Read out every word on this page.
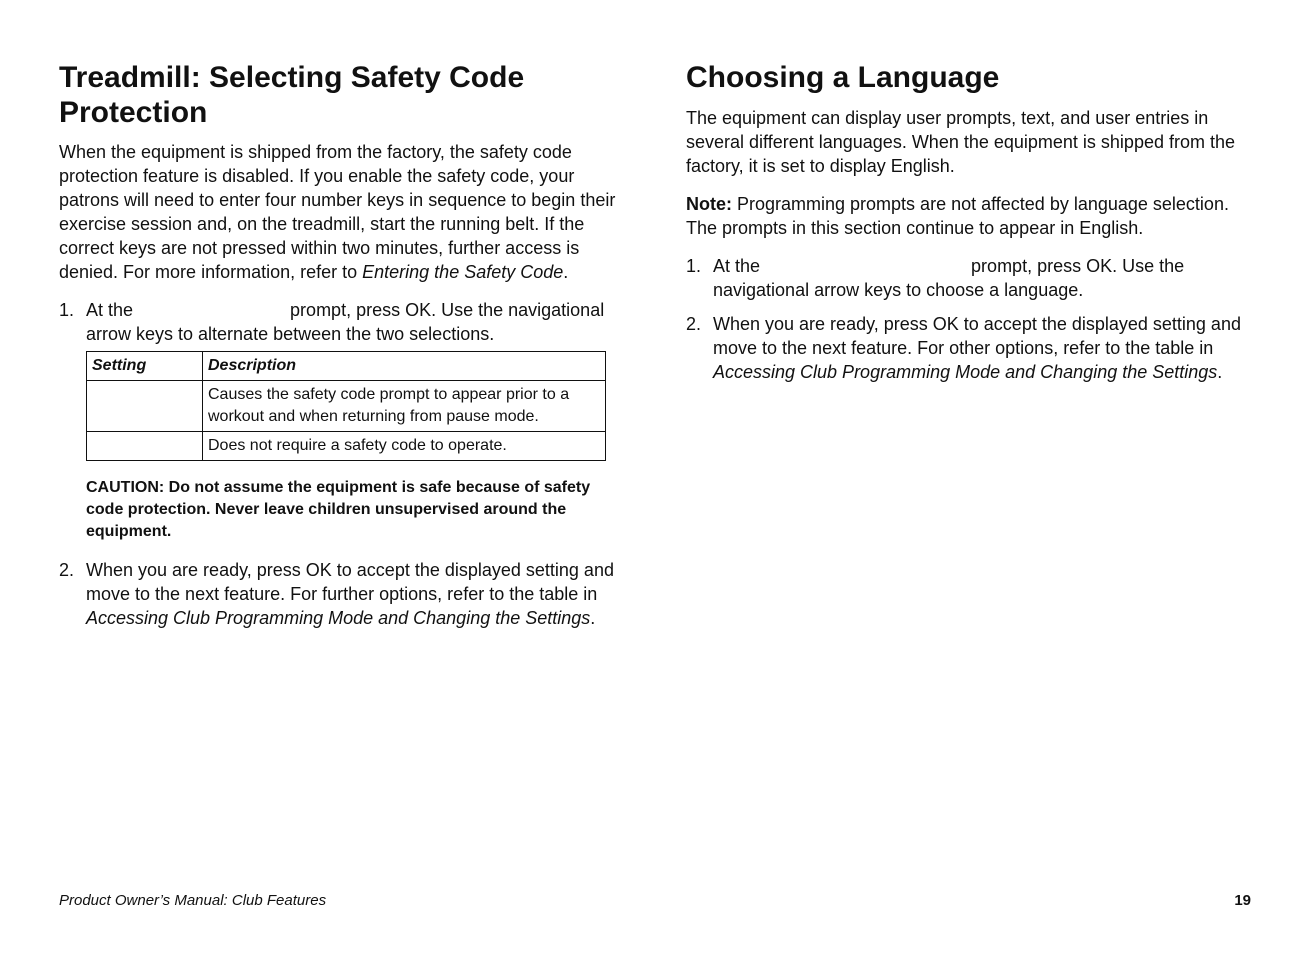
Treadmill: Selecting Safety Code Protection

When the equipment is shipped from the factory, the safety code protection feature is disabled. If you enable the safety code, your patrons will need to enter four number keys in sequence to begin their exercise session and, on the treadmill, start the running belt. If the correct keys are not pressed within two minutes, further access is denied. For more information, refer to Entering the Safety Code.

1. At the	prompt, press OK. Use the navigational arrow keys to alternate between the two selections.
Setting	Description
	Causes the safety code prompt to appear prior to a workout and when returning from pause mode.
	Does not require a safety code to operate.

CAUTION: Do not assume the equipment is safe because of safety code protection. Never leave children unsupervised around the equipment.

2. When you are ready, press OK to accept the displayed setting and move to the next feature. For further options, refer to the table in Accessing Club Programming Mode and Changing the Settings.
Choosing a Language

The equipment can display user prompts, text, and user entries in several different languages. When the equipment is shipped from the factory, it is set to display English.

Note: Programming prompts are not affected by language selection. The prompts in this section continue to appear in English.

1. At the	prompt, press OK. Use the navigational arrow keys to choose a language.
2. When you are ready, press OK to accept the displayed setting and move to the next feature. For other options, refer to the table in Accessing Club Programming Mode and Changing the Settings.
Product Owner’s Manual: Club Features	19
